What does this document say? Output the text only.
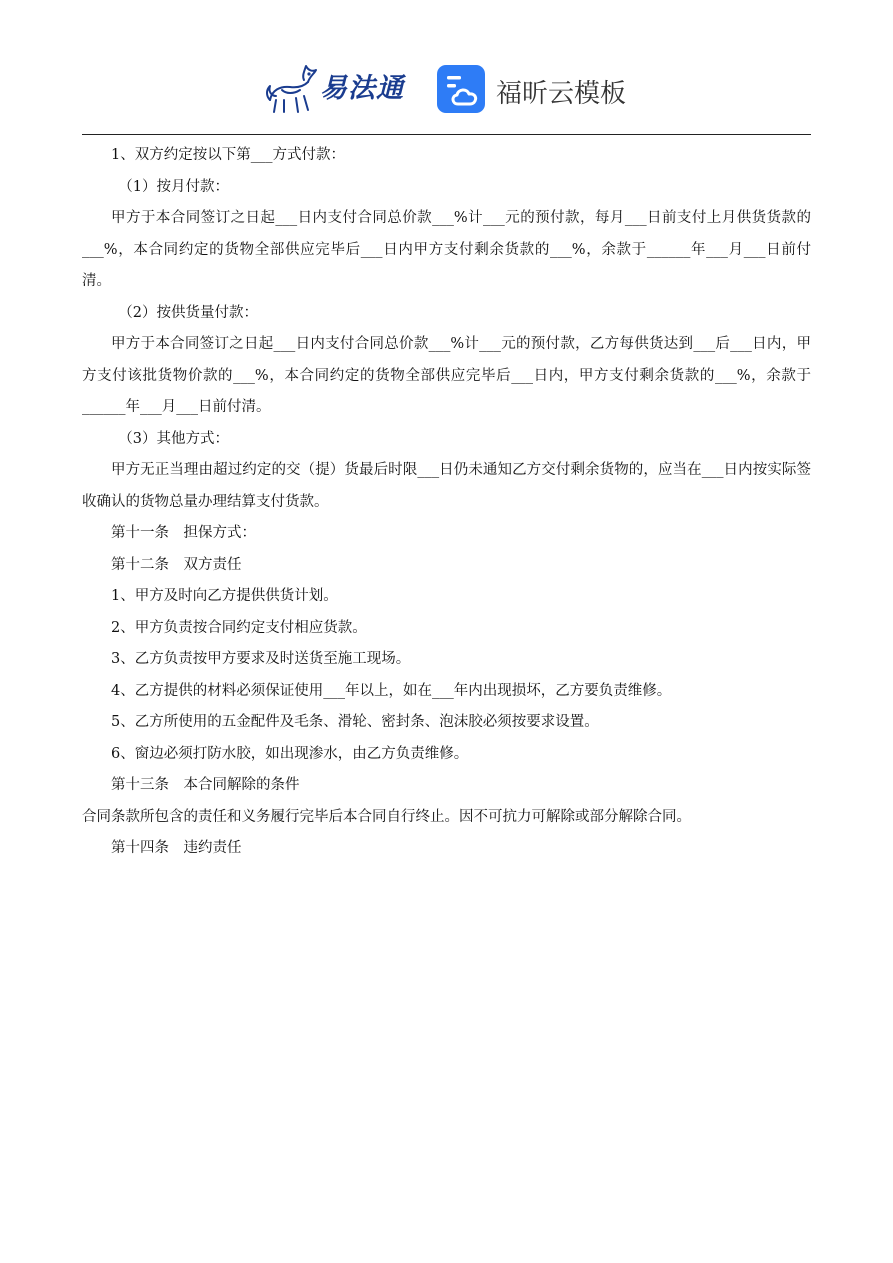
易法通	福昕云模板

1、双方约定按以下第___方式付款：

（1）按月付款：

甲方于本合同签订之日起___日内支付合同总价款___%计___元的预付款，每月___日前支付上月供货货款的___%，本合同约定的货物全部供应完毕后___日内甲方支付剩余货款的___%，余款于______年___月___日前付清。

（2）按供货量付款：

甲方于本合同签订之日起___日内支付合同总价款___%计___元的预付款，乙方每供货达到___后___日内，甲方支付该批货物价款的___%，本合同约定的货物全部供应完毕后___日内，甲方支付剩余货款的___%，余款于______年___月___日前付清。

（3）其他方式：

甲方无正当理由超过约定的交（提）货最后时限___日仍未通知乙方交付剩余货物的，应当在___日内按实际签收确认的货物总量办理结算支付货款。

第十一条　担保方式：

第十二条　双方责任

1、甲方及时向乙方提供供货计划。

2、甲方负责按合同约定支付相应货款。

3、乙方负责按甲方要求及时送货至施工现场。

4、乙方提供的材料必须保证使用___年以上，如在___年内出现损坏，乙方要负责维修。

5、乙方所使用的五金配件及毛条、滑轮、密封条、泡沫胶必须按要求设置。

6、窗边必须打防水胶，如出现渗水，由乙方负责维修。

第十三条　本合同解除的条件

合同条款所包含的责任和义务履行完毕后本合同自行终止。因不可抗力可解除或部分解除合同。

第十四条　违约责任
